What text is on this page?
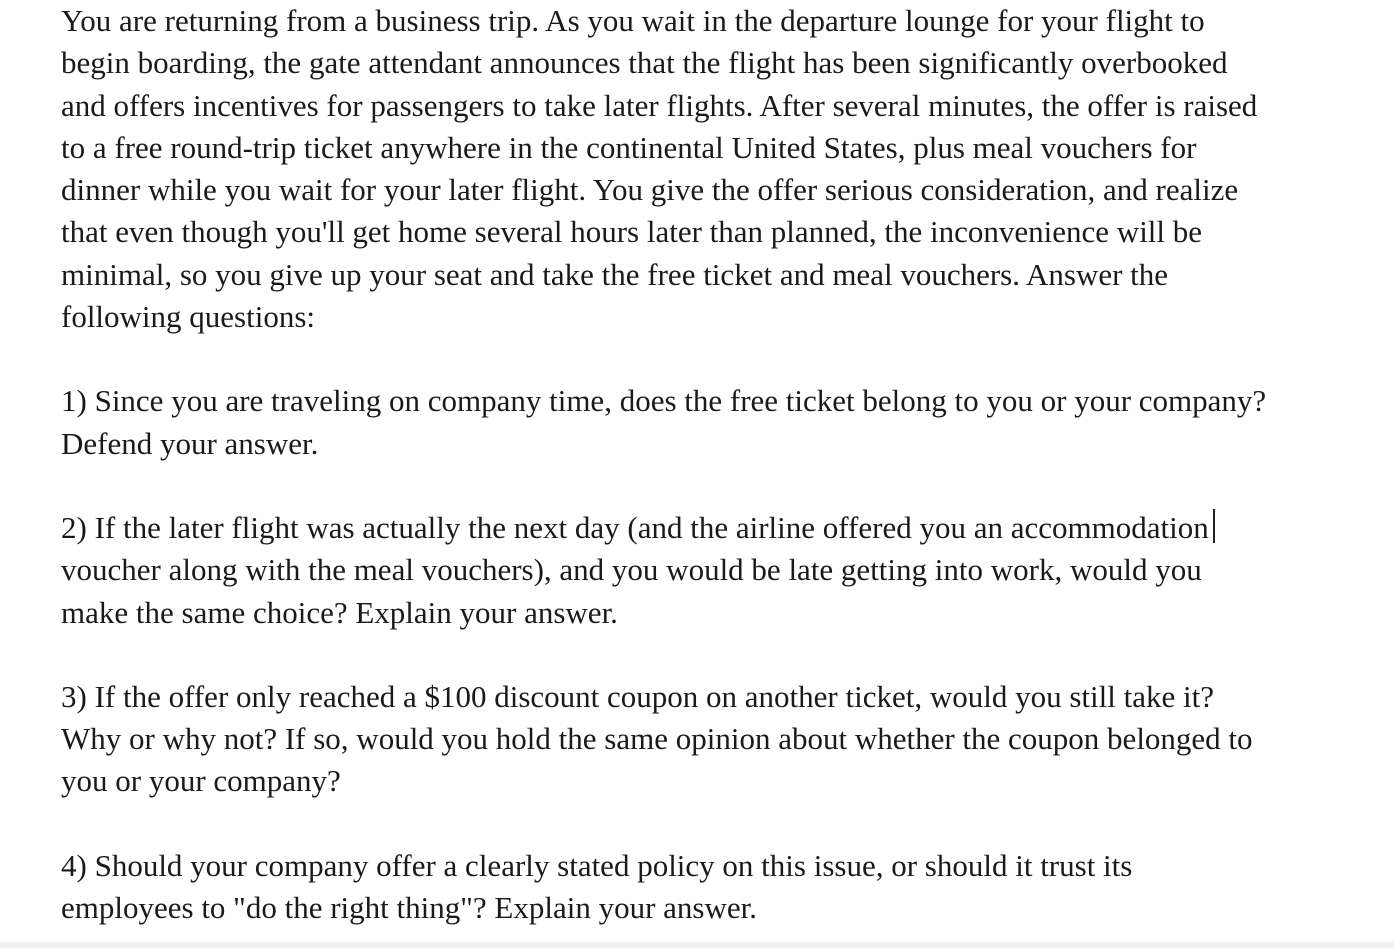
You are returning from a business trip. As you wait in the departure lounge for your flight to
begin boarding, the gate attendant announces that the flight has been significantly overbooked
and offers incentives for passengers to take later flights. After several minutes, the offer is raised
to a free round-trip ticket anywhere in the continental United States, plus meal vouchers for
dinner while you wait for your later flight. You give the offer serious consideration, and realize
that even though you'll get home several hours later than planned, the inconvenience will be
minimal, so you give up your seat and take the free ticket and meal vouchers. Answer the
following questions:

1) Since you are traveling on company time, does the free ticket belong to you or your company?
Defend your answer.

2) If the later flight was actually the next day (and the airline offered you an accommodation
voucher along with the meal vouchers), and you would be late getting into work, would you
make the same choice? Explain your answer.

3) If the offer only reached a $100 discount coupon on another ticket, would you still take it?
Why or why not? If so, would you hold the same opinion about whether the coupon belonged to
you or your company?

4) Should your company offer a clearly stated policy on this issue, or should it trust its
employees to "do the right thing"? Explain your answer.
